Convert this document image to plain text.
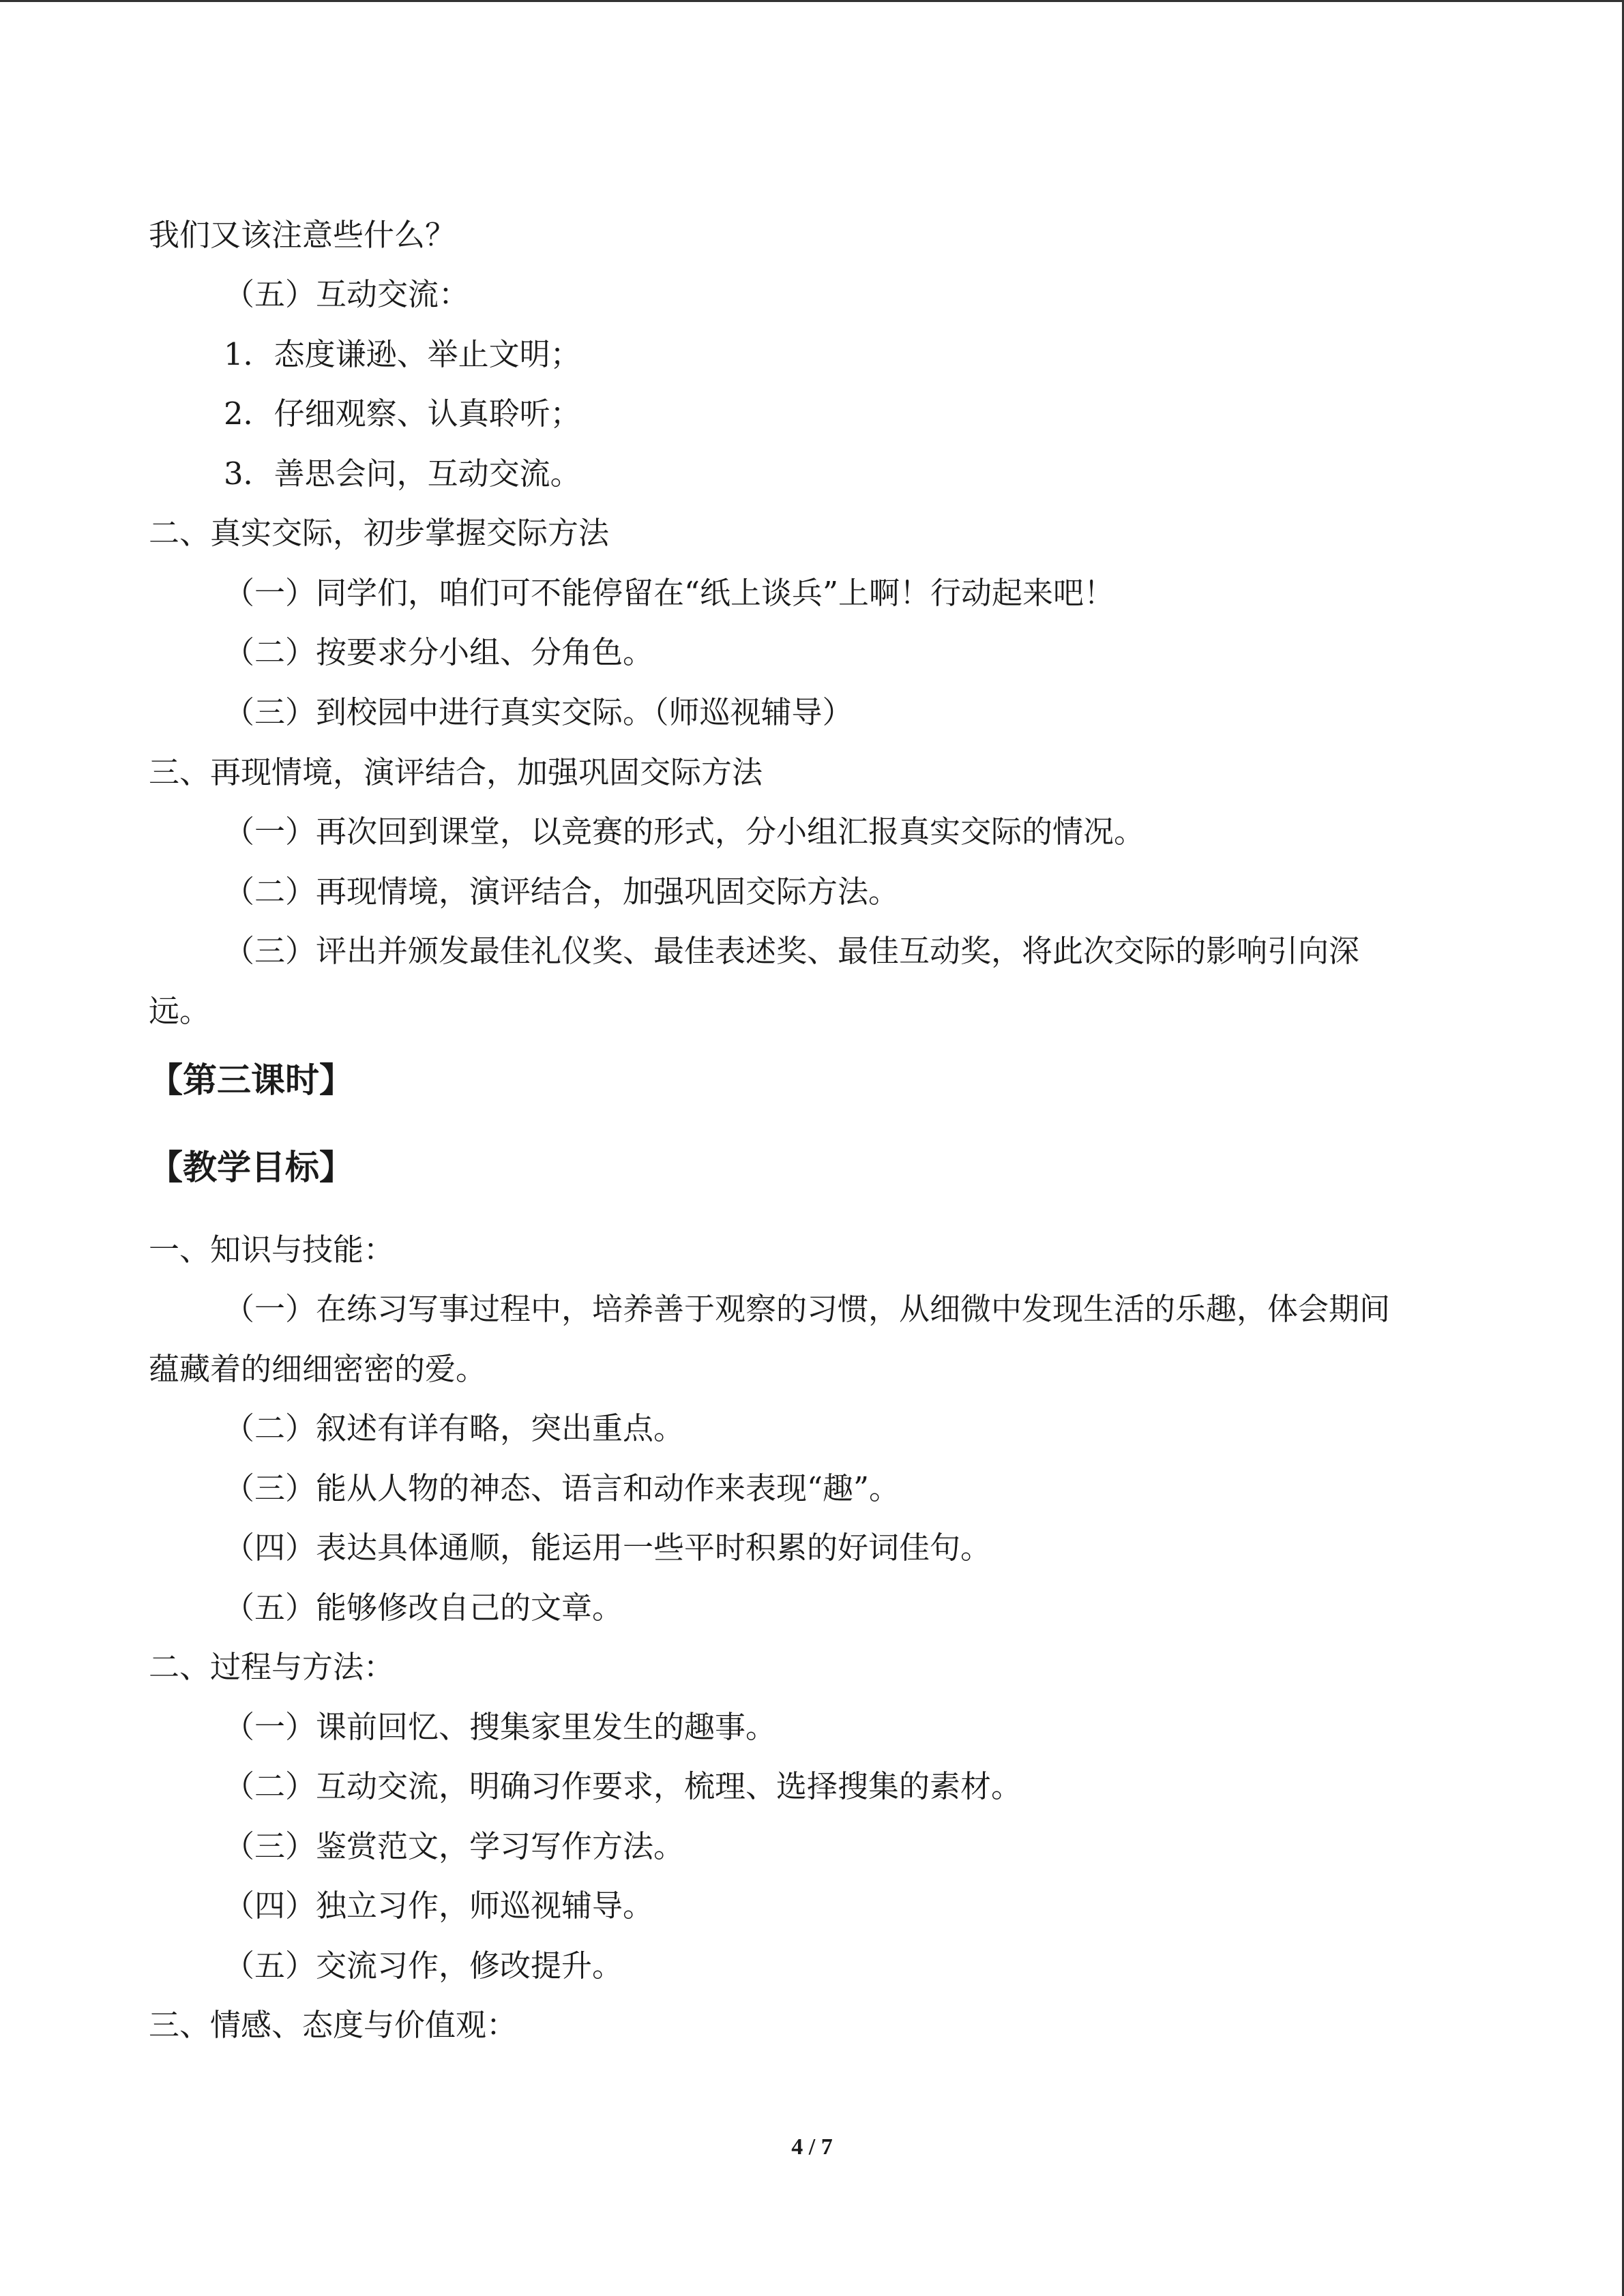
我们又该注意些什么？
（五）互动交流：
1．态度谦逊、举止文明；
2．仔细观察、认真聆听；
3．善思会问，互动交流。
二、真实交际，初步掌握交际方法
（一）同学们，咱们可不能停留在“纸上谈兵”上啊！行动起来吧！
（二）按要求分小组、分角色。
（三）到校园中进行真实交际。（师巡视辅导）
三、再现情境，演评结合，加强巩固交际方法
（一）再次回到课堂，以竞赛的形式，分小组汇报真实交际的情况。
（二）再现情境，演评结合，加强巩固交际方法。
（三）评出并颁发最佳礼仪奖、最佳表述奖、最佳互动奖，将此次交际的影响引向深
远。
【第三课时】
【教学目标】
一、知识与技能：
（一）在练习写事过程中，培养善于观察的习惯，从细微中发现生活的乐趣，体会期间
蕴藏着的细细密密的爱。
（二）叙述有详有略，突出重点。
（三）能从人物的神态、语言和动作来表现“趣”。
（四）表达具体通顺，能运用一些平时积累的好词佳句。
（五）能够修改自己的文章。
二、过程与方法：
（一）课前回忆、搜集家里发生的趣事。
（二）互动交流，明确习作要求，梳理、选择搜集的素材。
（三）鉴赏范文，学习写作方法。
（四）独立习作，师巡视辅导。
（五）交流习作，修改提升。
三、情感、态度与价值观：
4 / 7
